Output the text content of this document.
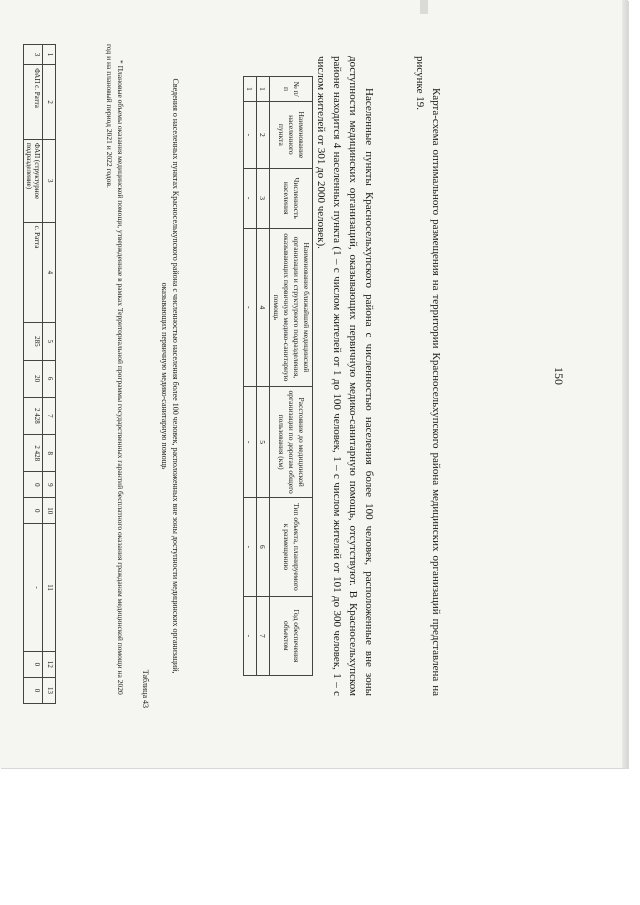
150

Карта-схема оптимального размещения на территории Красносельхупского района медицинских организаций представлена на рисунке 19.

Населенные пункты Красносельхупского района с численностью населения более 100 человек, расположенные вне зоны доступности медицинских организаций, оказывающих первичную медико-санитарную помощь, отсутствуют. В Красносельхупском районе находится 4 населенных пункта (1 – с числом жителей от 1 до 100 человек, 1 – с числом жителей от 101 до 300 человек, 1 – с числом жителей от 301 до 2000 человек).

№ п/п	Наименование населенного пункта	Численность населения	Наименование ближайшей медицинской организации и структурного подразделения, оказывающих первичную медико-санитарную помощь	Расстояние до медицинской организации по дорогам общего пользования (км)	Тип объекта, планируемого к размещению	Год обеспечения объектом
1	2	3	4	5	6	7
1	-	-	-	-	-	-
Сведения о населенных пунктах Красноселькупского района с численностью населения более 100 человек, расположенных вне зоны доступности медицинских организаций, оказывающих первичную медико-санитарную помощь
Таблица 43
* Плановые объемы оказания медицинской помощи, утвержденные в рамках Территориальной программы государственных гарантий бесплатного оказания гражданам медицинской помощи на 2020 год и на плановый период 2021 и 2022 годов.
1	2	3	4	5	6	7	8	9	10	11	12	13
3	ФАП с. Ратта	ФАП (структурное подразделение)	с. Ратта	285	20	2 428	2 428	0	0	-	0	0
